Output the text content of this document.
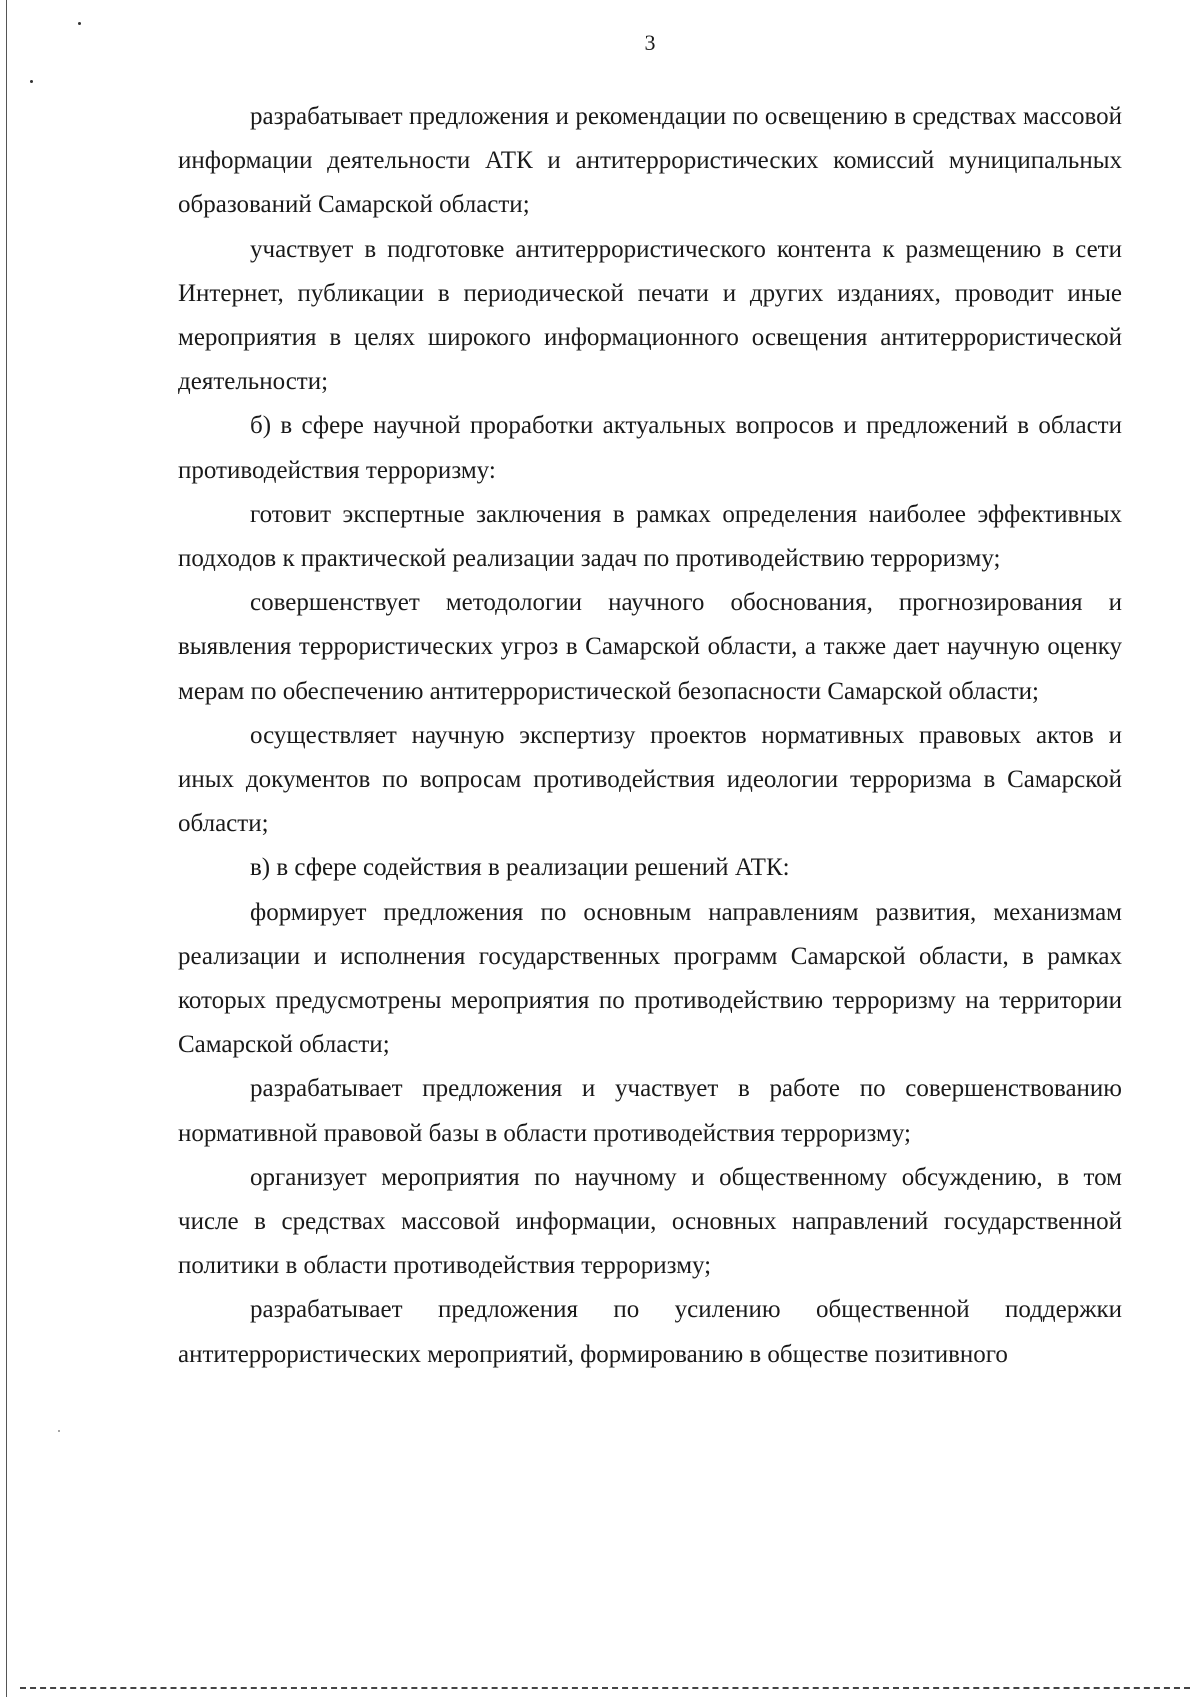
3

разрабатывает предложения и рекомендации по освещению в средствах массовой информации деятельности АТК и антитеррористических комиссий муниципальных образований Самарской области;

участвует в подготовке антитеррористического контента к размещению в сети Интернет, публикации в периодической печати и других изданиях, проводит иные мероприятия в целях широкого информационного освещения антитеррористической деятельности;

б) в сфере научной проработки актуальных вопросов и предложений в области противодействия терроризму:

готовит экспертные заключения в рамках определения наиболее эффективных подходов к практической реализации задач по противодействию терроризму;

совершенствует методологии научного обоснования, прогнозирования и выявления террористических угроз в Самарской области, а также дает научную оценку мерам по обеспечению антитеррористической безопасности Самарской области;

осуществляет научную экспертизу проектов нормативных правовых актов и иных документов по вопросам противодействия идеологии терроризма в Самарской области;

в) в сфере содействия в реализации решений АТК:

формирует предложения по основным направлениям развития, механизмам реализации и исполнения государственных программ Самарской области, в рамках которых предусмотрены мероприятия по противодействию терроризму на территории Самарской области;

разрабатывает предложения и участвует в работе по совершенствованию нормативной правовой базы в области противодействия терроризму;

организует мероприятия по научному и общественному обсуждению, в том числе в средствах массовой информации, основных направлений государственной политики в области противодействия терроризму;

разрабатывает предложения по усилению общественной поддержки антитеррористических мероприятий, формированию в обществе позитивного
